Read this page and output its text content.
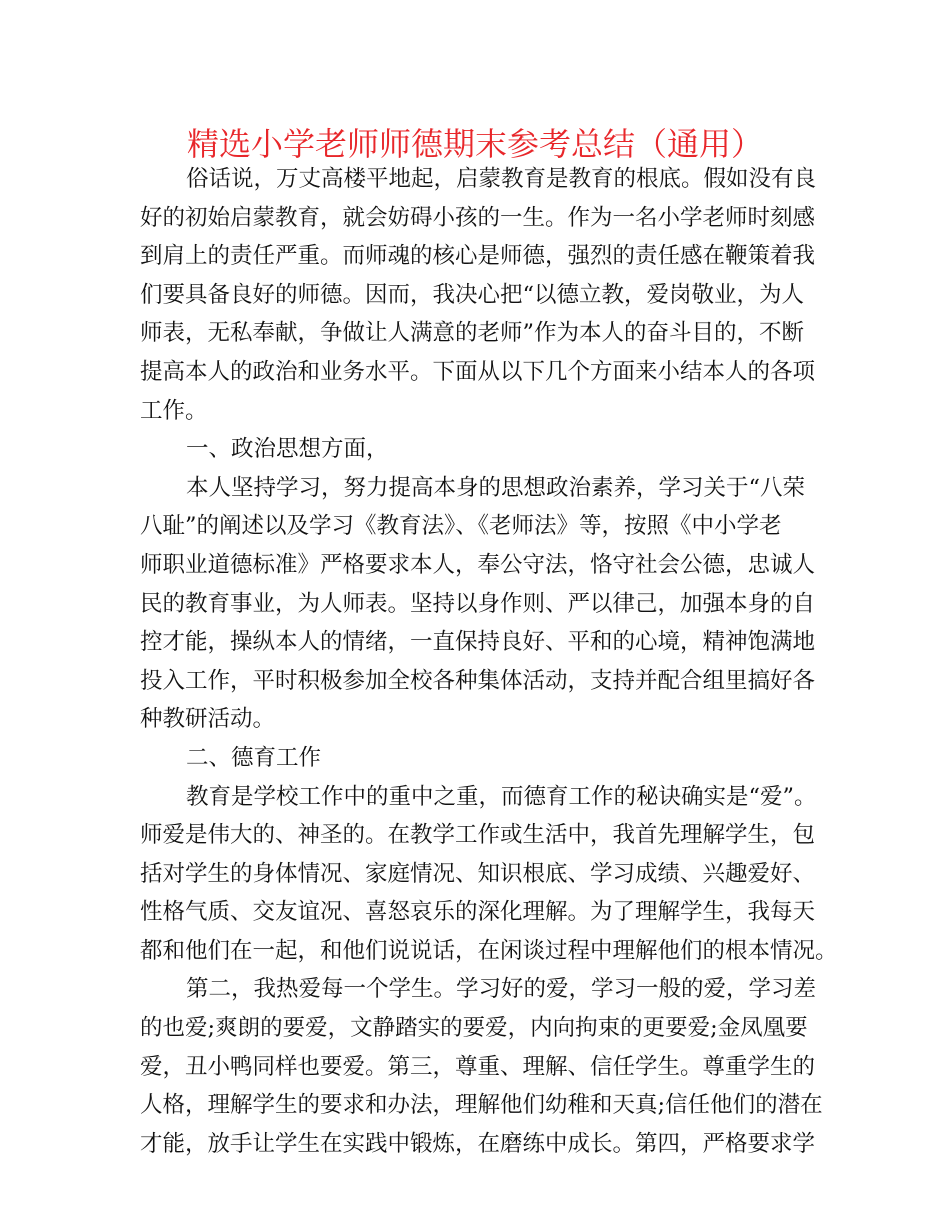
精选小学老师师德期末参考总结（通用）
俗话说，万丈高楼平地起，启蒙教育是教育的根底。假如没有良
好的初始启蒙教育，就会妨碍小孩的一生。作为一名小学老师时刻感
到肩上的责任严重。而师魂的核心是师德，强烈的责任感在鞭策着我
们要具备良好的师德。因而，我决心把“以德立教，爱岗敬业，为人
师表，无私奉献，争做让人满意的老师”作为本人的奋斗目的，不断
提高本人的政治和业务水平。下面从以下几个方面来小结本人的各项
工作。
一、政治思想方面，
本人坚持学习，努力提高本身的思想政治素养，学习关于“八荣
八耻”的阐述以及学习《教育法》、《老师法》等，按照《中小学老
师职业道德标准》严格要求本人，奉公守法，恪守社会公德，忠诚人
民的教育事业，为人师表。坚持以身作则、严以律己，加强本身的自
控才能，操纵本人的情绪，一直保持良好、平和的心境，精神饱满地
投入工作，平时积极参加全校各种集体活动，支持并配合组里搞好各
种教研活动。
二、德育工作
教育是学校工作中的重中之重，而德育工作的秘诀确实是“爱”。
师爱是伟大的、神圣的。在教学工作或生活中，我首先理解学生，包
括对学生的身体情况、家庭情况、知识根底、学习成绩、兴趣爱好、
性格气质、交友谊况、喜怒哀乐的深化理解。为了理解学生，我每天
都和他们在一起，和他们说说话，在闲谈过程中理解他们的根本情况。
第二，我热爱每一个学生。学习好的爱，学习一般的爱，学习差
的也爱;爽朗的要爱，文静踏实的要爱，内向拘束的更要爱;金凤凰要
爱，丑小鸭同样也要爱。第三，尊重、理解、信任学生。尊重学生的
人格，理解学生的要求和办法，理解他们幼稚和天真;信任他们的潜在
才能，放手让学生在实践中锻炼，在磨练中成长。第四，严格要求学
